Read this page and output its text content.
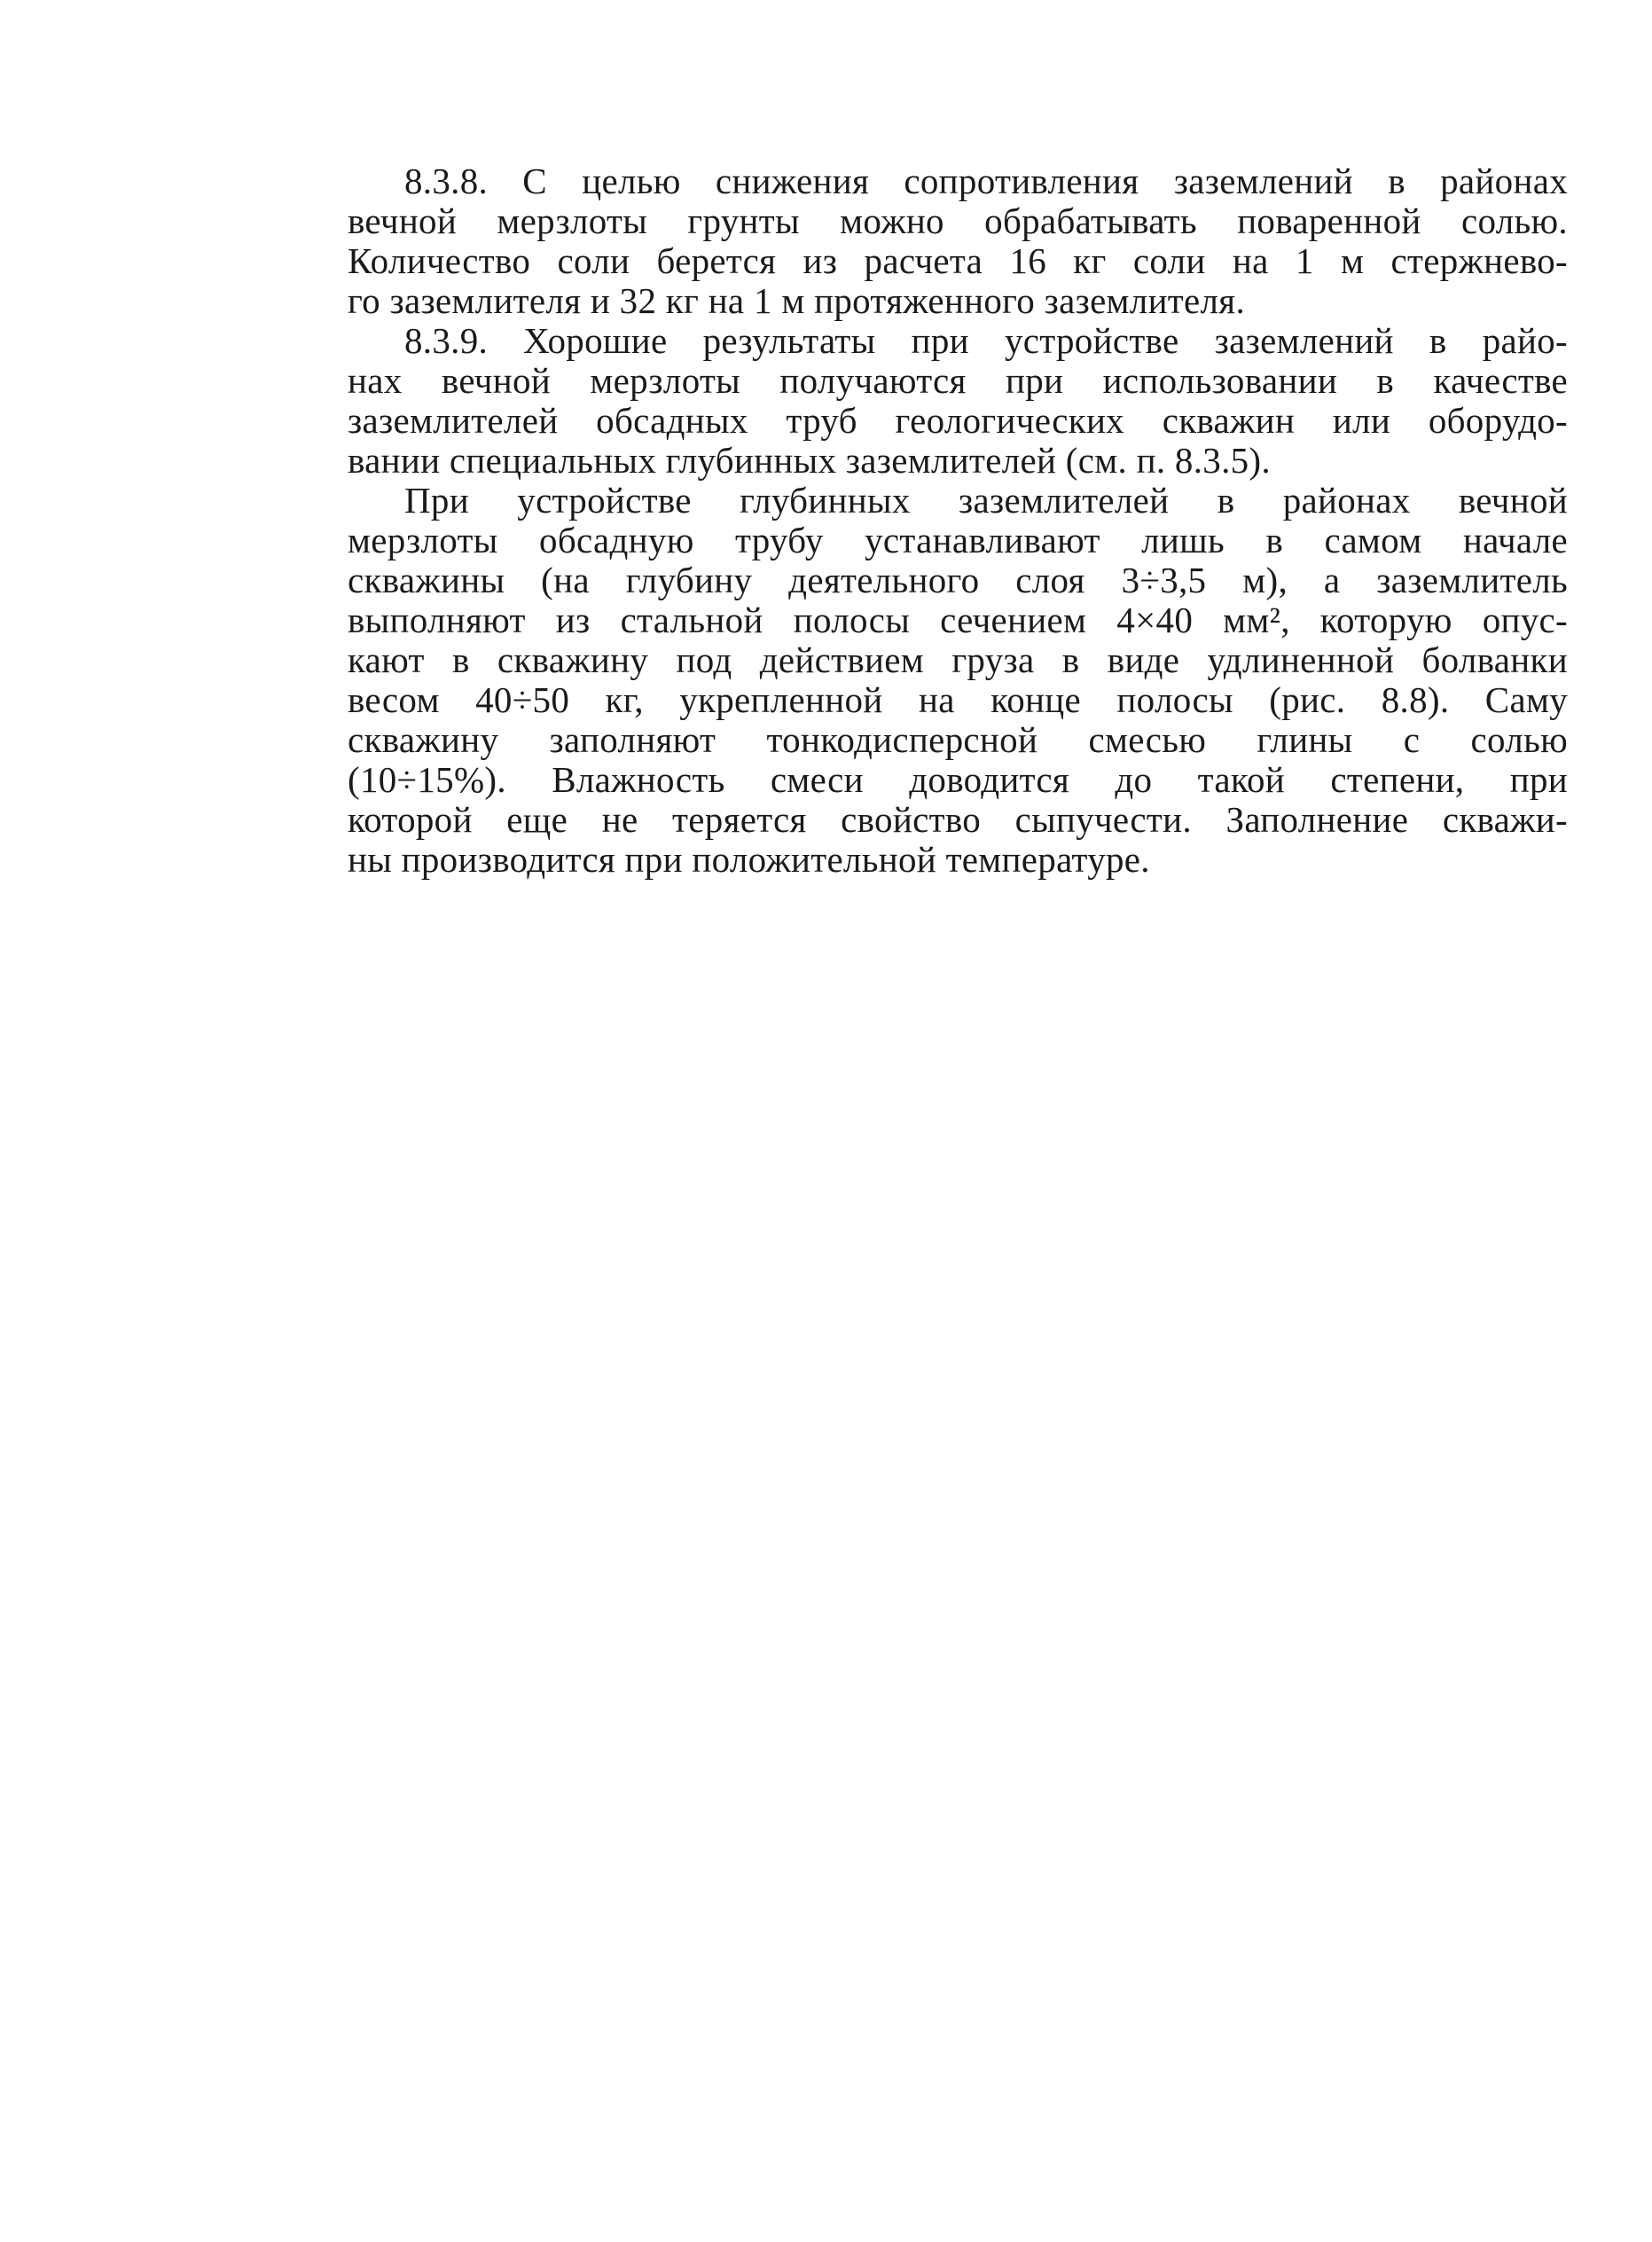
8.3.8. С целью снижения сопротивления заземлений в районах
вечной мерзлоты грунты можно обрабатывать поваренной солью.
Количество соли берется из расчета 16 кг соли на 1 м стержнево-
го заземлителя и 32 кг на 1 м протяженного заземлителя.

8.3.9. Хорошие результаты при устройстве заземлений в райо-
нах вечной мерзлоты получаются при использовании в качестве
заземлителей обсадных труб геологических скважин или оборудо-
вании специальных глубинных заземлителей (см. п. 8.3.5).

При устройстве глубинных заземлителей в районах вечной
мерзлоты обсадную трубу устанавливают лишь в самом начале
скважины (на глубину деятельного слоя 3÷3,5 м), а заземлитель
выполняют из стальной полосы сечением 4×40 мм², которую опус-
кают в скважину под действием груза в виде удлиненной болванки
весом 40÷50 кг, укрепленной на конце полосы (рис. 8.8). Саму
скважину заполняют тонкодисперсной смесью глины с солью
(10÷15%). Влажность смеси доводится до такой степени, при
которой еще не теряется свойство сыпучести. Заполнение скважи-
ны производится при положительной температуре.
